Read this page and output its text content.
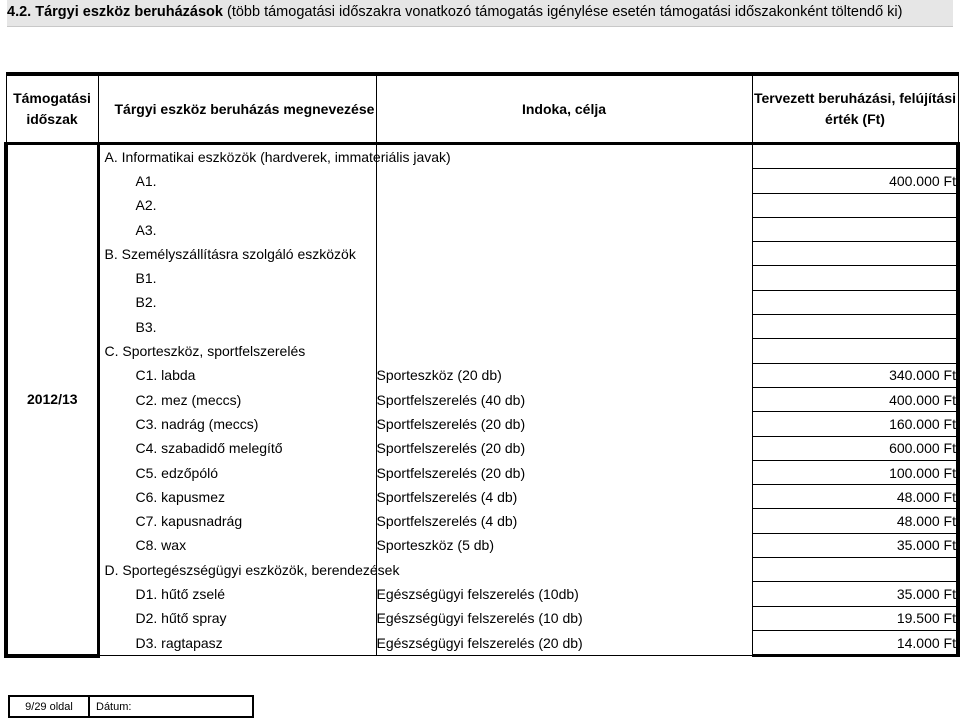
4.2. Tárgyi eszköz beruházások (több támogatási időszakra vonatkozó támogatás igénylése esetén támogatási időszakonként töltendő ki)
Támogatási időszak	Tárgyi eszköz beruházás megnevezése	Indoka, célja	Tervezett beruházási, felújítási érték (Ft)
2012/13	A. Informatikai eszközök (hardverek, immateriális javak)		
	A1.		400.000 Ft
	A2.		
	A3.		
	B. Személyszállításra szolgáló eszközök		
	B1.		
	B2.		
	B3.		
	C. Sporteszköz, sportfelszerelés		
	C1. labda	Sporteszköz (20 db)	340.000 Ft
	C2. mez (meccs)	Sportfelszerelés (40 db)	400.000 Ft
	C3. nadrág (meccs)	Sportfelszerelés (20 db)	160.000 Ft
	C4. szabadidő melegítő	Sportfelszerelés (20 db)	600.000 Ft
	C5. edzőpóló	Sportfelszerelés (20 db)	100.000 Ft
	C6. kapusmez	Sportfelszerelés (4 db)	48.000 Ft
	C7. kapusnadrág	Sportfelszerelés (4 db)	48.000 Ft
	C8. wax	Sporteszköz (5 db)	35.000 Ft
	D. Sportegészségügyi eszközök, berendezések		
	D1. hűtő zselé	Egészségügyi felszerelés (10db)	35.000 Ft
	D2. hűtő spray	Egészségügyi felszerelés (10 db)	19.500 Ft
	D3. ragtapasz	Egészségügyi felszerelés (20 db)	14.000 Ft
9/29 oldal	Dátum:
